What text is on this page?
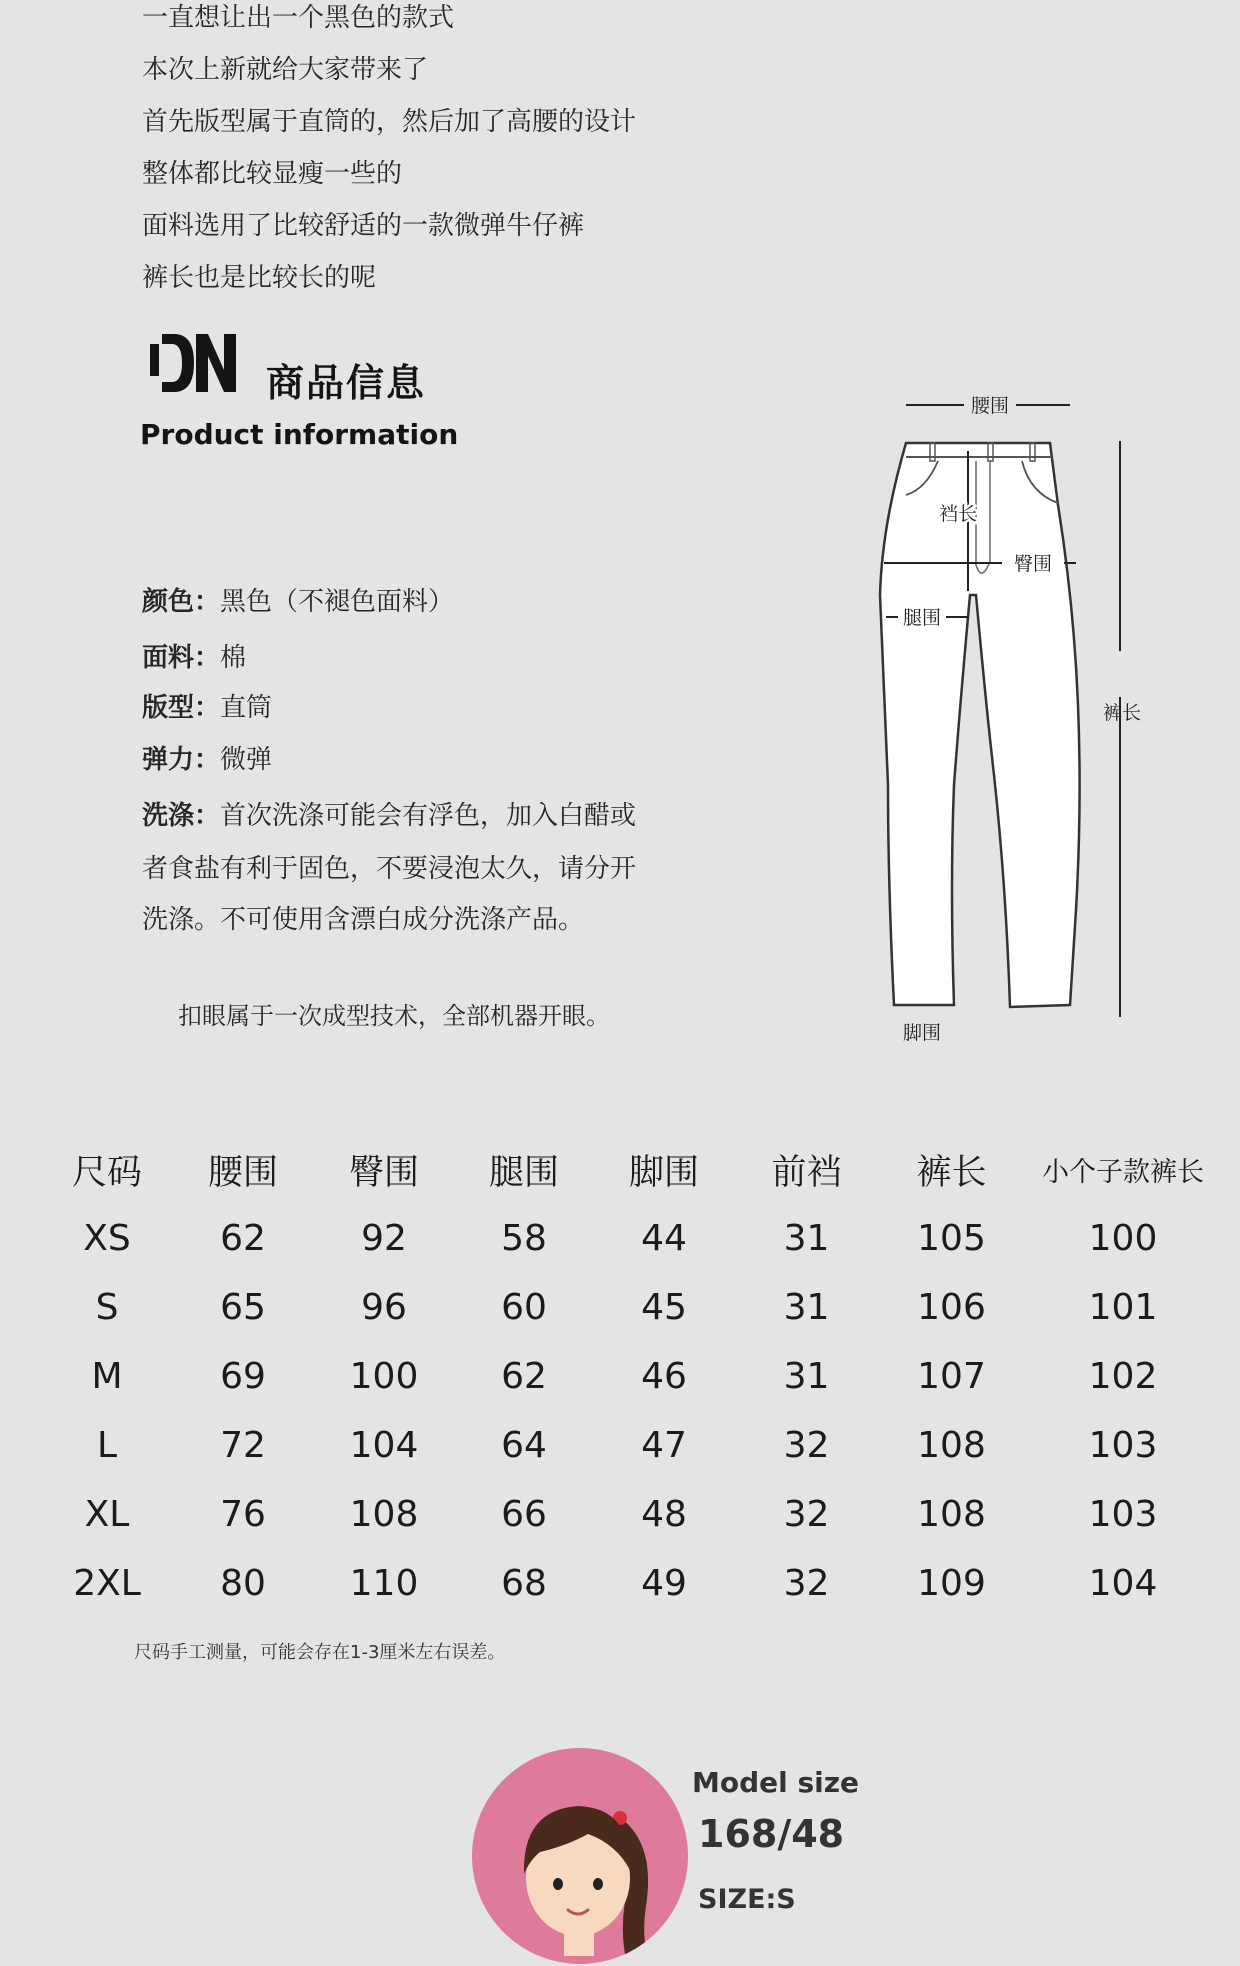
一直想让出一个黑色的款式
本次上新就给大家带来了
首先版型属于直筒的，然后加了高腰的设计
整体都比较显瘦一些的
面料选用了比较舒适的一款微弹牛仔裤
裤长也是比较长的呢
商品信息
Product information
颜色：黑色（不褪色面料）
面料：棉
版型：直筒
弹力：微弹
洗涤：首次洗涤可能会有浮色，加入白醋或
者食盐有利于固色，不要浸泡太久，请分开
洗涤。不可使用含漂白成分洗涤产品。
扣眼属于一次成型技术，全部机器开眼。
腰围
裆长
臀围
腿围
裤长
脚围
尺码	腰围	臀围	腿围	脚围	前裆	裤长	小个子款裤长
XS	62	92	58	44	31	105	100
S	65	96	60	45	31	106	101
M	69	100	62	46	31	107	102
L	72	104	64	47	32	108	103
XL	76	108	66	48	32	108	103
2XL	80	110	68	49	32	109	104
尺码手工测量，可能会存在1-3厘米左右误差。
Model size
168/48
SIZE:S
